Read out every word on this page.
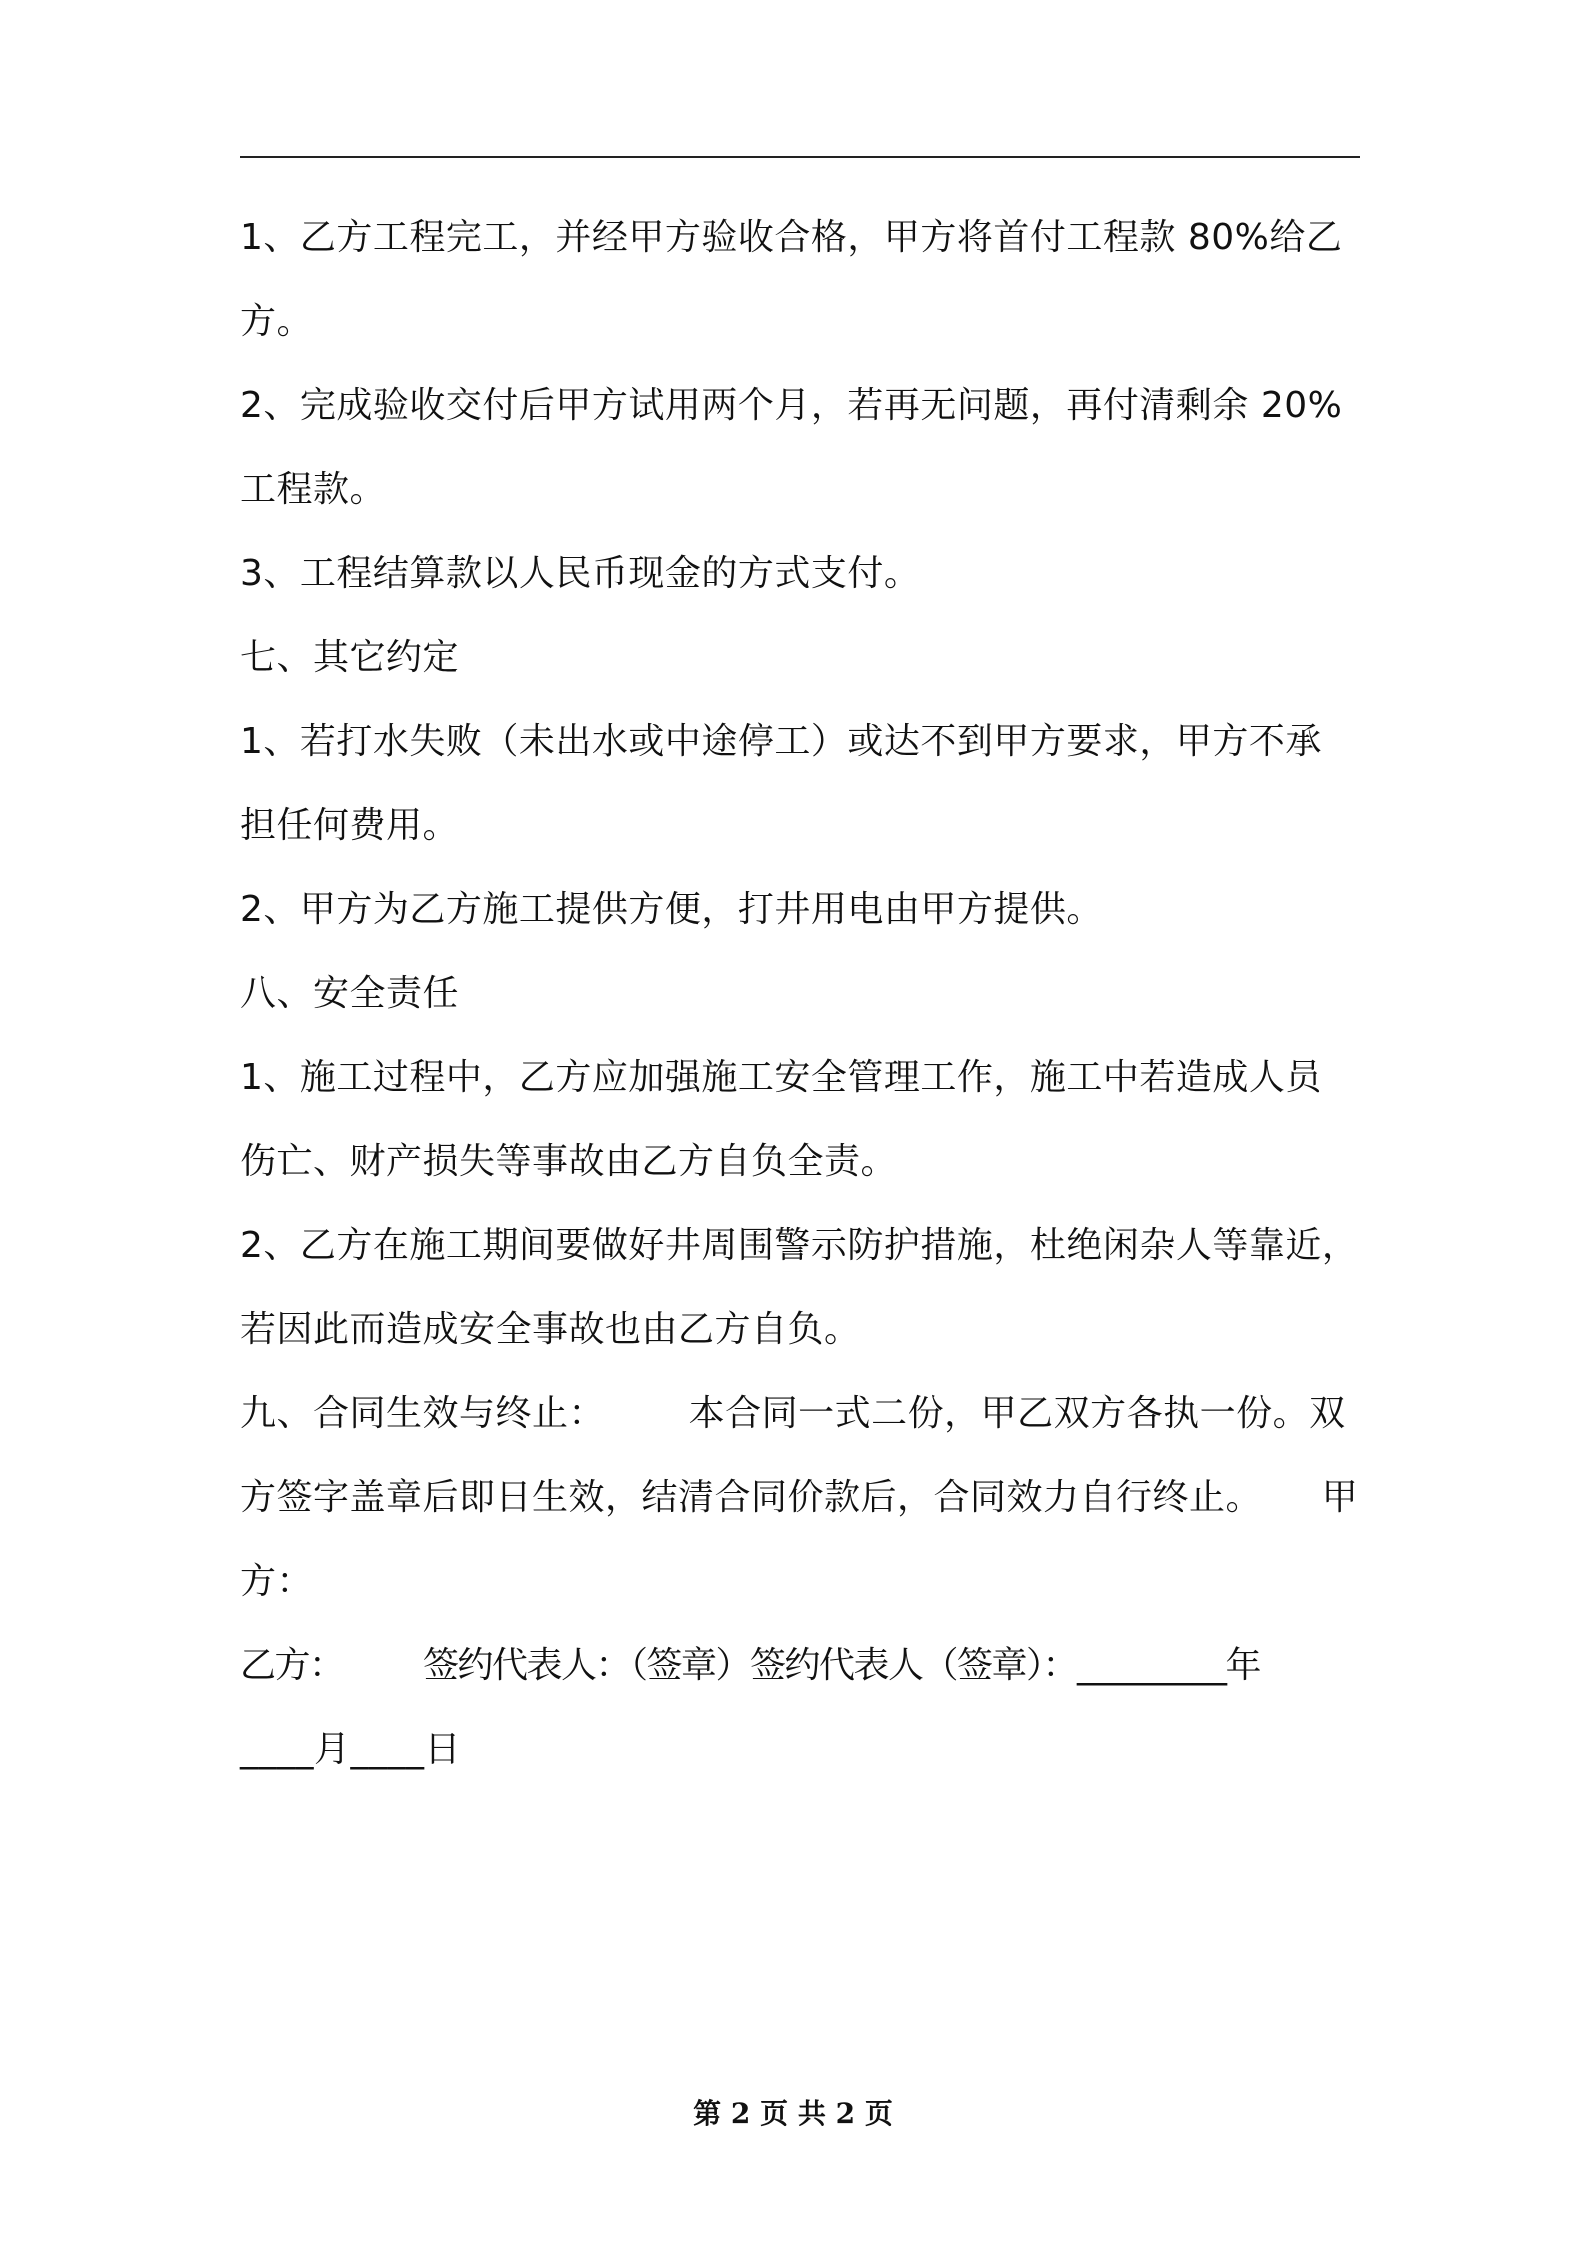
1、乙方工程完工，并经甲方验收合格，甲方将首付工程款 80%给乙
方。
2、完成验收交付后甲方试用两个月，若再无问题，再付清剩余 20%
工程款。
3、工程结算款以人民币现金的方式支付。
七、其它约定
1、若打水失败（未出水或中途停工）或达不到甲方要求，甲方不承
担任何费用。
2、甲方为乙方施工提供方便，打井用电由甲方提供。
八、安全责任
1、施工过程中，乙方应加强施工安全管理工作，施工中若造成人员
伤亡、财产损失等事故由乙方自负全责。
2、乙方在施工期间要做好井周围警示防护措施，杜绝闲杂人等靠近，
若因此而造成安全事故也由乙方自负。
九、合同生效与终止：       本合同一式二份，甲乙双方各执一份。双
方签字盖章后即日生效，结清合同价款后，合同效力自行终止。     甲
方：
乙方：        签约代表人：（签章）签约代表人（签章）：_________年
____月____日
第 2 页 共 2 页
